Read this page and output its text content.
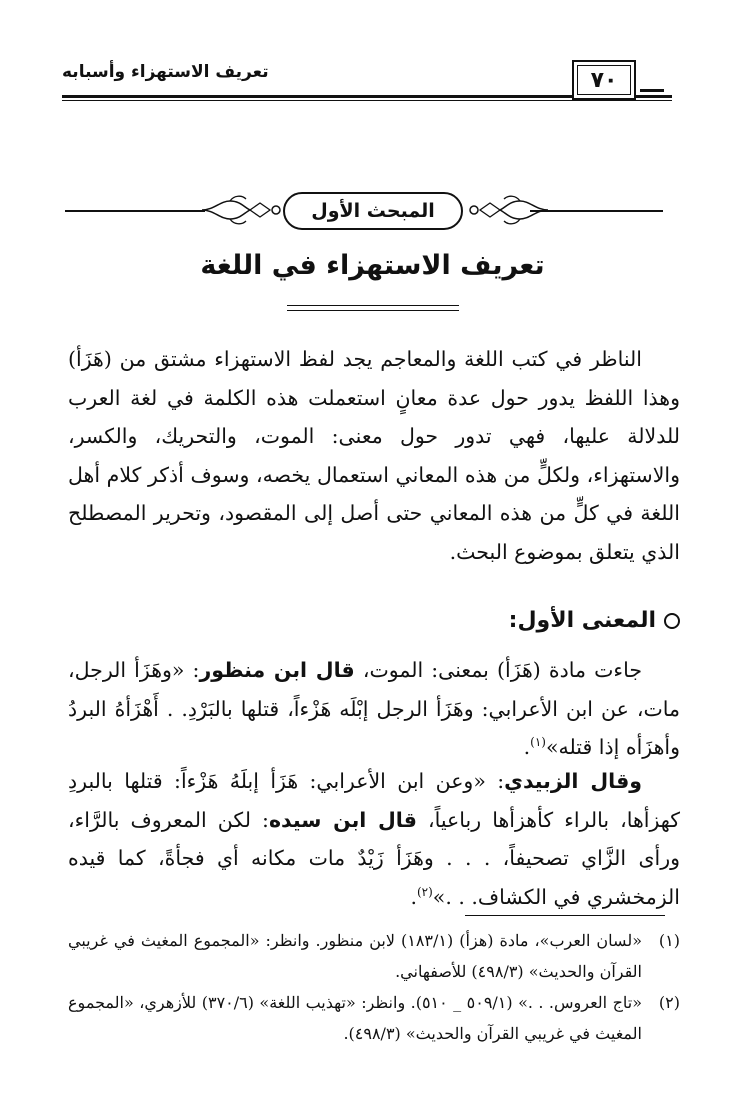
تعريف الاستهزاء وأسبابه	٧٠
المبحث الأول
تعريف الاستهزاء في اللغة

الناظر في كتب اللغة والمعاجم يجد لفظ الاستهزاء مشتق من (هَزَأ) وهذا اللفظ يدور حول عدة معانٍ استعملت هذه الكلمة في لغة العرب للدلالة عليها، فهي تدور حول معنى: الموت، والتحريك، والكسر، والاستهزاء، ولكلٍّ من هذه المعاني استعمال يخصه، وسوف أذكر كلام أهل اللغة في كلٍّ من هذه المعاني حتى أصل إلى المقصود، وتحرير المصطلح الذي يتعلق بموضوع البحث.

المعنى الأول:

جاءت مادة (هَزَأ) بمعنى: الموت، قال ابن منظور: «وهَزَأ الرجل، مات، عن ابن الأعرابي: وهَزَأ الرجل إبْلَه هَزْءاً، قتلها بالبَرْدِ. . أَهْزَأهُ البردُ وأهزَأه إذا قتله»$^{(١)}$.

وقال الزبيدي: «وعن ابن الأعرابي: هَزَأ إبلَهُ هَزْءاً: قتلها بالبردِ كهزأها، بالراء كأهزأها رباعياً، قال ابن سيده: لكن المعروف بالرَّاء، ورأى الزَّاي تصحيفاً، . . . وهَزَأ زَيْدٌ مات مكانه أي فجأةً، كما قيده الزمخشري في الكشاف. . .»$^{(٢)}$.

(١)
«لسان العرب»، مادة (هزأ) (١٨٣/١) لابن منظور. وانظر: «المجموع المغيث في غريبي القرآن والحديث» (٤٩٨/٣) للأصفهاني.
(٢)
«تاج العروس. . .» (٥٠٩/١ _ ٥١٠). وانظر: «تهذيب اللغة» (٣٧٠/٦) للأزهري، «المجموع المغيث في غريبي القرآن والحديث» (٤٩٨/٣).
